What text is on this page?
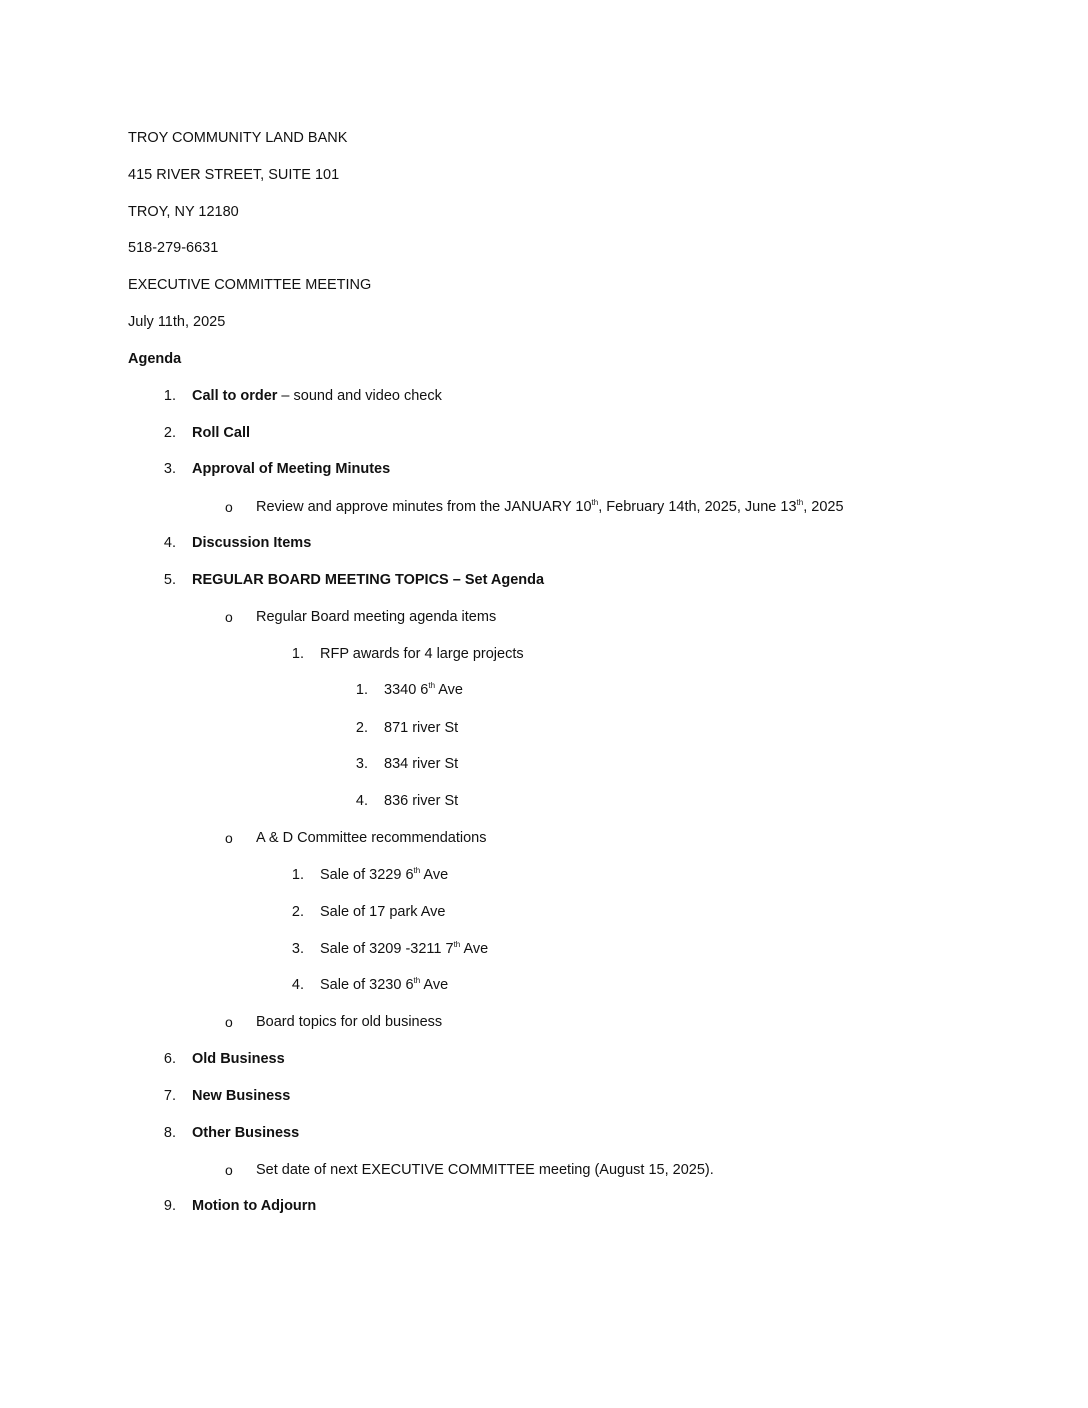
TROY COMMUNITY LAND BANK
415 RIVER STREET, SUITE 101
TROY, NY 12180
518-279-6631
EXECUTIVE COMMITTEE MEETING
July 11th, 2025
Agenda
1. Call to order – sound and video check
2. Roll Call
3. Approval of Meeting Minutes
o Review and approve minutes from the JANUARY 10th, February 14th, 2025, June 13th, 2025
4. Discussion Items
5. REGULAR BOARD MEETING TOPICS – Set Agenda
o Regular Board meeting agenda items
1. RFP awards for 4 large projects
1. 3340 6th Ave
2. 871 river St
3. 834 river St
4. 836 river St
o A & D Committee recommendations
1. Sale of 3229 6th Ave
2. Sale of 17 park Ave
3. Sale of 3209 -3211 7th Ave
4. Sale of 3230 6th Ave
o Board topics for old business
6. Old Business
7. New Business
8. Other Business
o Set date of next EXECUTIVE COMMITTEE meeting (August 15, 2025).
9. Motion to Adjourn
